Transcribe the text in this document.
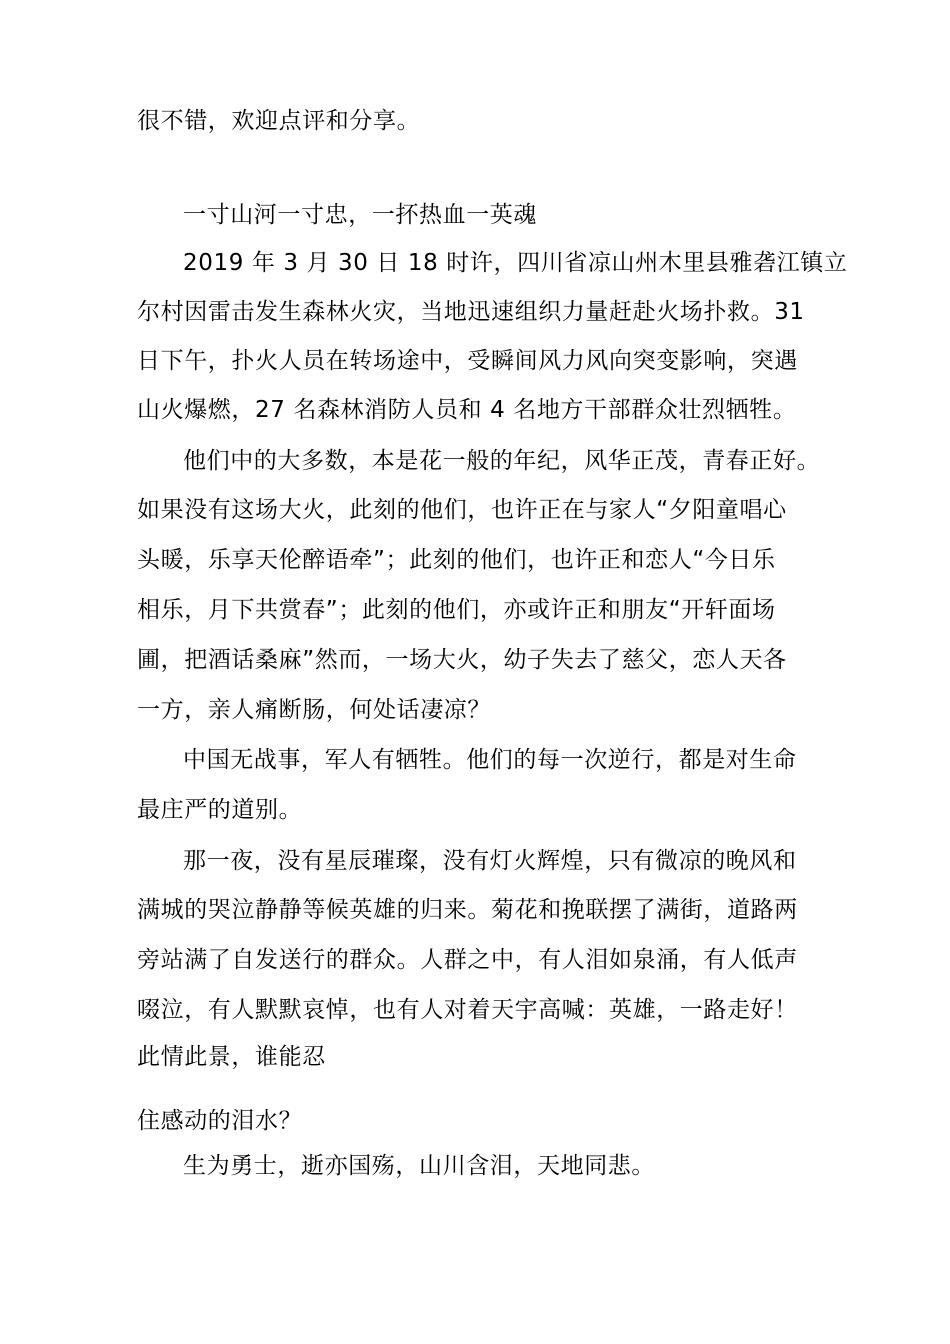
很不错，欢迎点评和分享。
一寸山河一寸忠，一抔热血一英魂
2019 年 3 月 30 日 18 时许，四川省凉山州木里县雅砻江镇立
尔村因雷击发生森林火灾，当地迅速组织力量赶赴火场扑救。31
日下午，扑火人员在转场途中，受瞬间风力风向突变影响，突遇
山火爆燃，27 名森林消防人员和 4 名地方干部群众壮烈牺牲。
他们中的大多数，本是花一般的年纪，风华正茂，青春正好。
如果没有这场大火，此刻的他们，也许正在与家人“夕阳童唱心
头暖，乐享天伦醉语牵”；此刻的他们，也许正和恋人“今日乐
相乐，月下共赏春”；此刻的他们，亦或许正和朋友“开轩面场
圃，把酒话桑麻”然而，一场大火，幼子失去了慈父，恋人天各
一方，亲人痛断肠，何处话凄凉？
中国无战事，军人有牺牲。他们的每一次逆行，都是对生命
最庄严的道别。
那一夜，没有星辰璀璨，没有灯火辉煌，只有微凉的晚风和
满城的哭泣静静等候英雄的归来。菊花和挽联摆了满街，道路两
旁站满了自发送行的群众。人群之中，有人泪如泉涌，有人低声
啜泣，有人默默哀悼，也有人对着天宇高喊：英雄，一路走好！
此情此景，谁能忍
住感动的泪水？
生为勇士，逝亦国殇，山川含泪，天地同悲。
